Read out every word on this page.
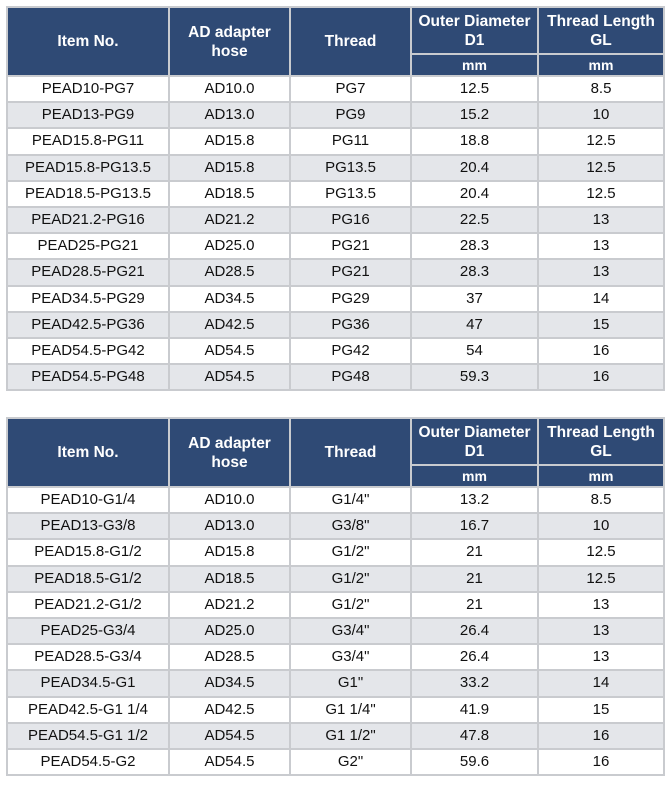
Item No.	AD adapter hose	Thread	Outer Diameter D1	Thread Length GL
			mm	mm
PEAD10-PG7	AD10.0	PG7	12.5	8.5
PEAD13-PG9	AD13.0	PG9	15.2	10
PEAD15.8-PG11	AD15.8	PG11	18.8	12.5
PEAD15.8-PG13.5	AD15.8	PG13.5	20.4	12.5
PEAD18.5-PG13.5	AD18.5	PG13.5	20.4	12.5
PEAD21.2-PG16	AD21.2	PG16	22.5	13
PEAD25-PG21	AD25.0	PG21	28.3	13
PEAD28.5-PG21	AD28.5	PG21	28.3	13
PEAD34.5-PG29	AD34.5	PG29	37	14
PEAD42.5-PG36	AD42.5	PG36	47	15
PEAD54.5-PG42	AD54.5	PG42	54	16
PEAD54.5-PG48	AD54.5	PG48	59.3	16
Item No.	AD adapter hose	Thread	Outer Diameter D1	Thread Length GL
			mm	mm
PEAD10-G1/4	AD10.0	G1/4"	13.2	8.5
PEAD13-G3/8	AD13.0	G3/8"	16.7	10
PEAD15.8-G1/2	AD15.8	G1/2"	21	12.5
PEAD18.5-G1/2	AD18.5	G1/2"	21	12.5
PEAD21.2-G1/2	AD21.2	G1/2"	21	13
PEAD25-G3/4	AD25.0	G3/4"	26.4	13
PEAD28.5-G3/4	AD28.5	G3/4"	26.4	13
PEAD34.5-G1	AD34.5	G1"	33.2	14
PEAD42.5-G1 1/4	AD42.5	G1 1/4"	41.9	15
PEAD54.5-G1 1/2	AD54.5	G1 1/2"	47.8	16
PEAD54.5-G2	AD54.5	G2"	59.6	16
